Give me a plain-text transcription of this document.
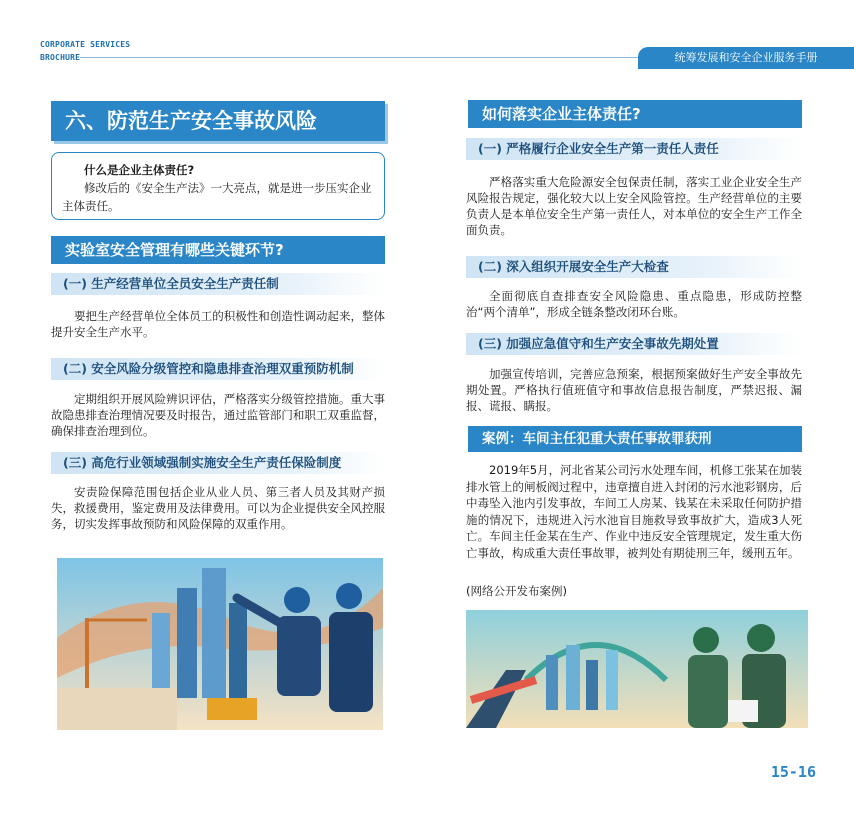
CORPORATE SERVICES
BROCHURE	统筹发展和安全企业服务手册
六、防范生产安全事故风险
什么是企业主体责任?
修改后的《安全生产法》一大亮点，就是进一步压实企业主体责任。
实验室安全管理有哪些关键环节?
(一) 生产经营单位全员安全生产责任制
要把生产经营单位全体员工的积极性和创造性调动起来，整体提升安全生产水平。
(二) 安全风险分级管控和隐患排查治理双重预防机制
定期组织开展风险辨识评估，严格落实分级管控措施。重大事故隐患排查治理情况要及时报告，通过监管部门和职工双重监督，确保排查治理到位。
(三) 高危行业领域强制实施安全生产责任保险制度
安责险保障范围包括企业从业人员、第三者人员及其财产损失，救援费用，鉴定费用及法律费用。可以为企业提供安全风控服务，切实发挥事故预防和风险保障的双重作用。
如何落实企业主体责任?
(一) 严格履行企业安全生产第一责任人责任
严格落实重大危险源安全包保责任制，落实工业企业安全生产风险报告规定，强化较大以上安全风险管控。生产经营单位的主要负责人是本单位安全生产第一责任人，对本单位的安全生产工作全面负责。
(二) 深入组织开展安全生产大检查
全面彻底自查排查安全风险隐患、重点隐患，形成防控整治“两个清单”，形成全链条整改闭环台账。
(三) 加强应急值守和生产安全事故先期处置
加强宣传培训，完善应急预案，根据预案做好生产安全事故先期处置。严格执行值班值守和事故信息报告制度，严禁迟报、漏报、谎报、瞒报。
案例：车间主任犯重大责任事故罪获刑
2019年5月，河北省某公司污水处理车间，机修工张某在加装排水管上的闸板阀过程中，违章擅自进入封闭的污水池彩钢房，后中毒坠入池内引发事故，车间工人房某、钱某在未采取任何防护措施的情况下，违规进入污水池盲目施救导致事故扩大，造成3人死亡。车间主任金某在生产、作业中违反安全管理规定，发生重大伤亡事故，构成重大责任事故罪，被判处有期徒刑三年，缓刑五年。
(网络公开发布案例)
15-16
